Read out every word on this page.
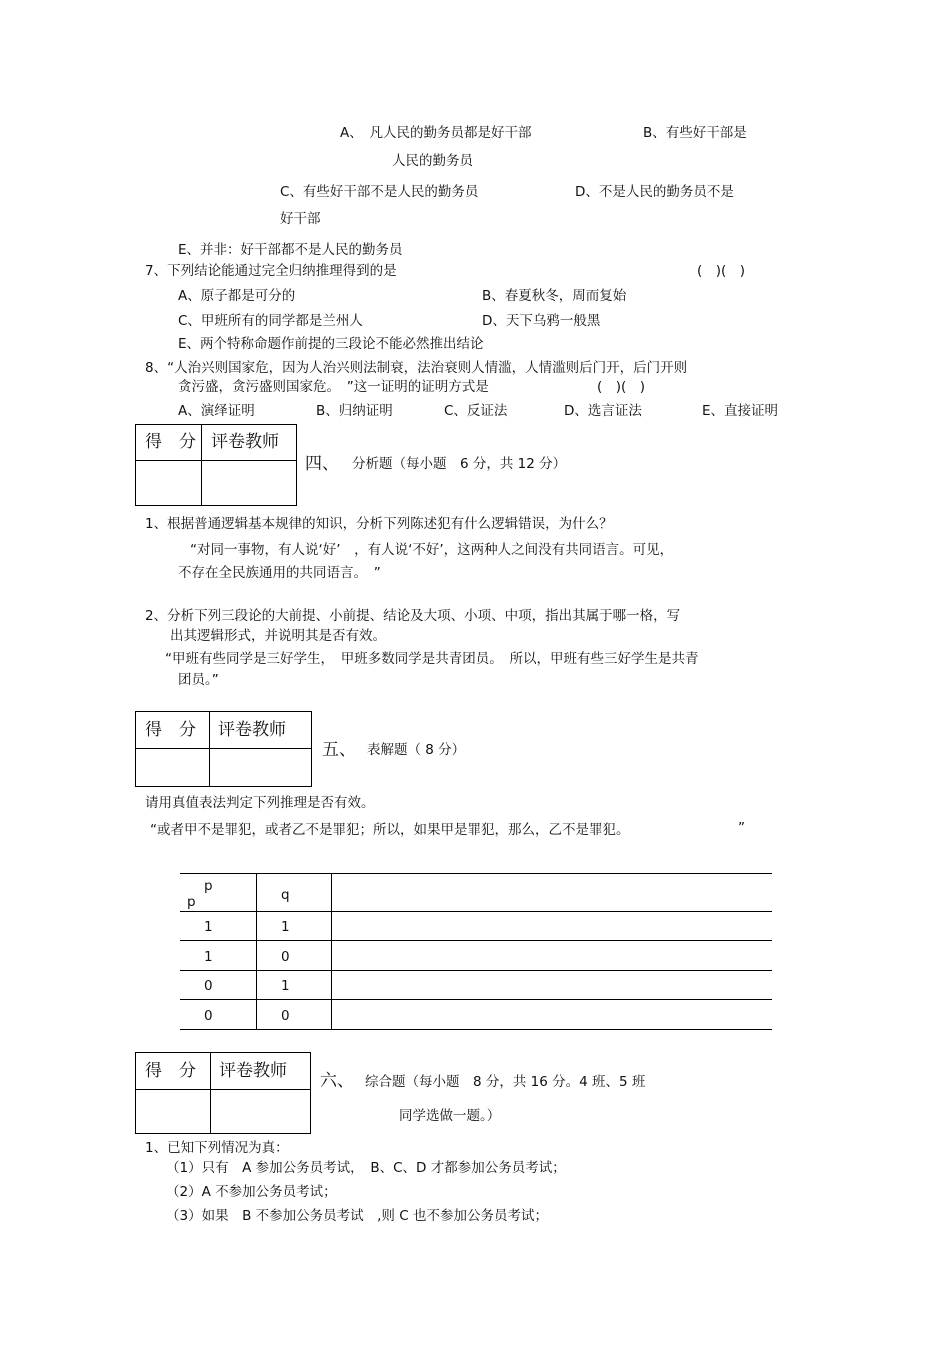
A、　凡人民的勤务员都是好干部	B、有些好干部是
人民的勤务员
C、有些好干部不是人民的勤务员	D、不是人民的勤务员不是
好干部
E、并非：好干部都不是人民的勤务员
7、下列结论能通过完全归纳推理得到的是	(　)(　)
A、原子都是可分的	B、春夏秋冬，周而复始
C、甲班所有的同学都是兰州人	D、天下乌鸦一般黑
E、两个特称命题作前提的三段论不能必然推出结论
8、“人治兴则国家危，因为人治兴则法制衰，法治衰则人情滥，人情滥则后门开，后门开则
贪污盛，贪污盛则国家危。　”这一证明的证明方式是	(　)(　)
A、演绎证明	B、归纳证明	C、反证法	D、选言证法	E、直接证明
得　分 评卷教师
四、 分析题（每小题　6 分，共 12 分）
1、根据普通逻辑基本规律的知识，分析下列陈述犯有什么逻辑错误，为什么？
“对同一事物，有人说‘好’　，有人说‘不好’，这两种人之间没有共同语言。可见，
不存在全民族通用的共同语言。　”
2、分析下列三段论的大前提、小前提、结论及大项、小项、中项，指出其属于哪一格，写
出其逻辑形式，并说明其是否有效。
“甲班有些同学是三好学生，　甲班多数同学是共青团员。　所以，甲班有些三好学生是共青
团员。”
得　分 评卷教师
五、 表解题（ 8 分）
请用真值表法判定下列推理是否有效。
“或者甲不是罪犯，或者乙不是罪犯；所以，如果甲是罪犯，那么，乙不是罪犯。	”
p
p	q
1	1
1	0
0	1
0	0
得　分 评卷教师 六、 综合题（每小题　8 分，共 16 分。4 班、5 班
同学选做一题。）
1、已知下列情况为真：
（1）只有　A 参加公务员考试，　B、C、D 才都参加公务员考试；
（2）A 不参加公务员考试；
（3）如果　B 不参加公务员考试　,则 C 也不参加公务员考试；
